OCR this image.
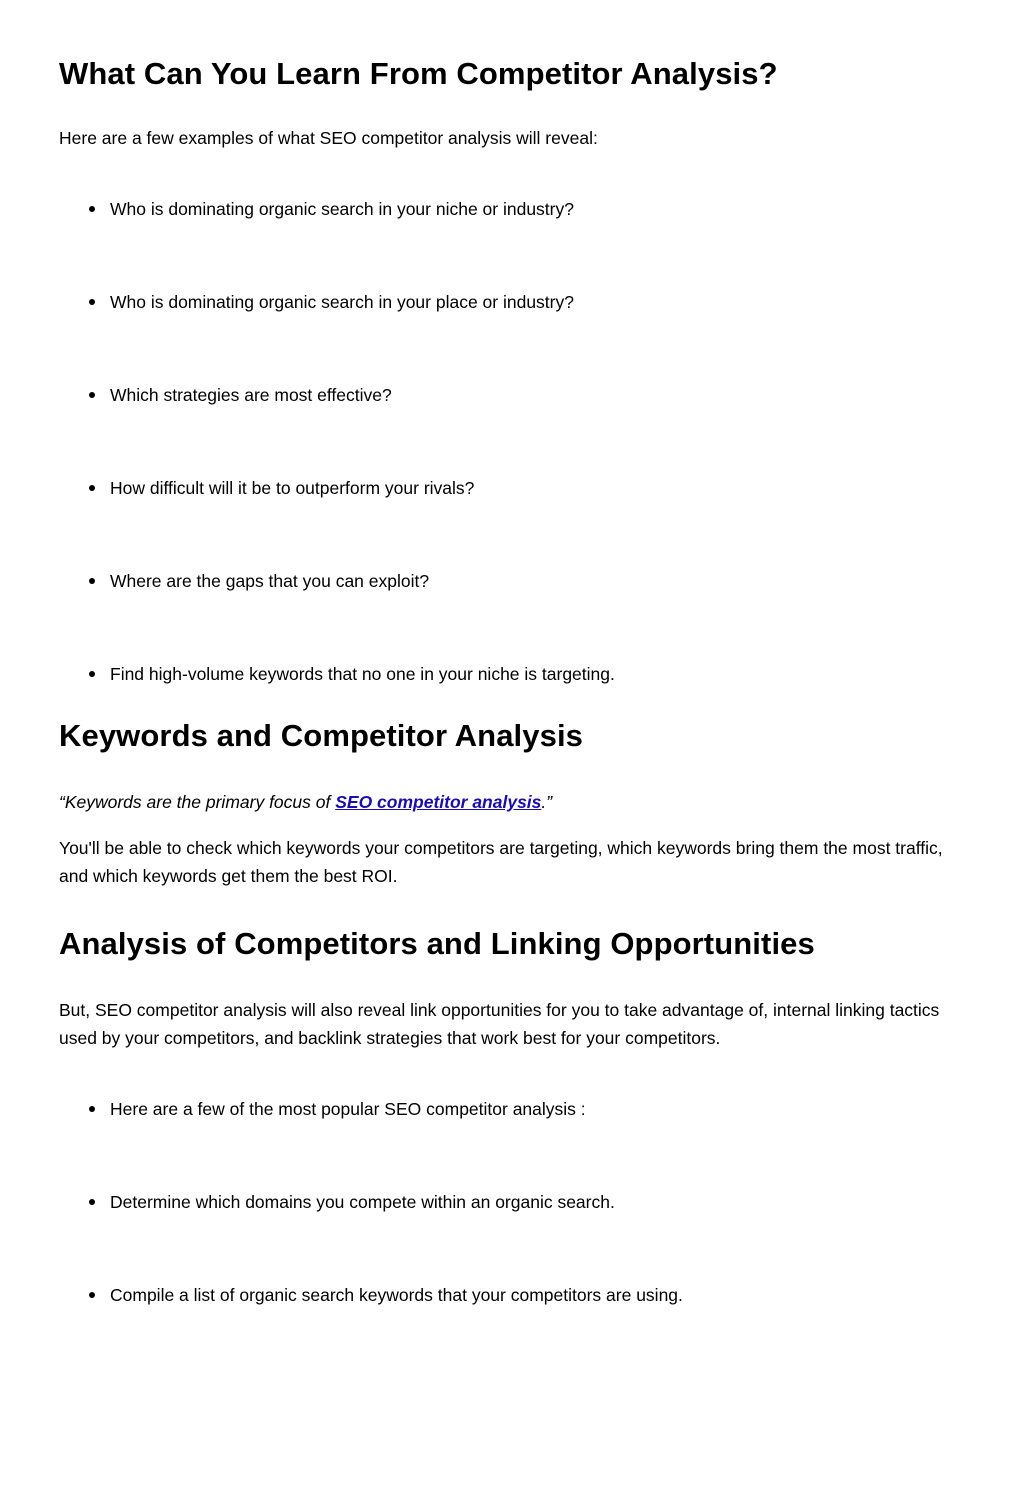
What Can You Learn From Competitor Analysis?

Here are a few examples of what SEO competitor analysis will reveal:

Who is dominating organic search in your niche or industry?
Who is dominating organic search in your place or industry?
Which strategies are most effective?
How difficult will it be to outperform your rivals?
Where are the gaps that you can exploit?
Find high-volume keywords that no one in your niche is targeting.
Keywords and Competitor Analysis

“Keywords are the primary focus of SEO competitor analysis.”

You'll be able to check which keywords your competitors are targeting, which keywords bring them the most traffic, and which keywords get them the best ROI.

Analysis of Competitors and Linking Opportunities

But, SEO competitor analysis will also reveal link opportunities for you to take advantage of, internal linking tactics used by your competitors, and backlink strategies that work best for your competitors.

Here are a few of the most popular SEO competitor analysis :
Determine which domains you compete within an organic search.
Compile a list of organic search keywords that your competitors are using.
